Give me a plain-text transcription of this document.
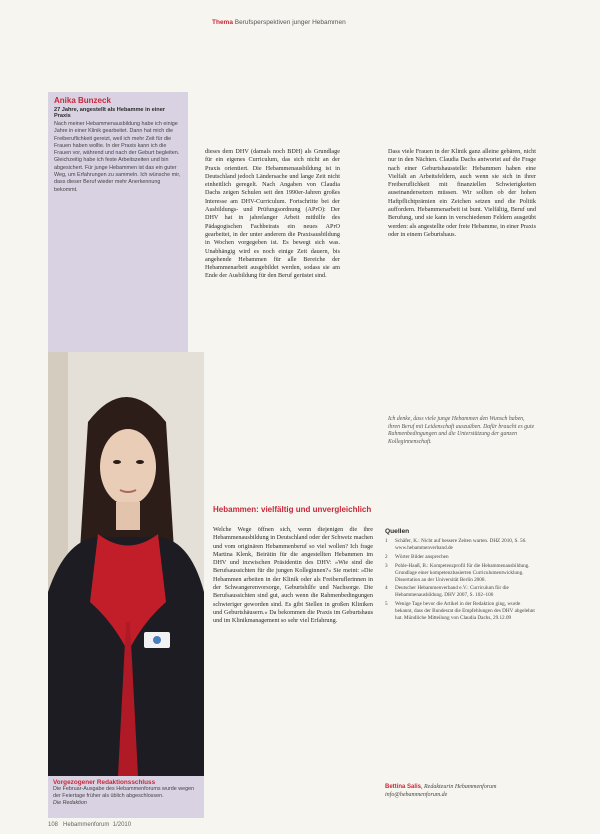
Thema Berufsperspektiven junger Hebammen
Anika Bunzeck
27 Jahre, angestellt als Hebamme in einer Praxis
Nach meiner Hebammenausbildung habe ich einige Jahre in einer Klinik gearbeitet. Dann hat mich die Freiberuflichkeit gereizt, weil ich mehr Zeit für die Frauen haben wollte. In der Praxis kann ich die Frauen vor, während und nach der Geburt begleiten. Gleichzeitig habe ich feste Arbeitszeiten und bin abgesichert. Für junge Hebammen ist das ein guter Weg, um Erfahrungen zu sammeln. Ich wünsche mir, dass dieser Beruf wieder mehr Anerkennung bekommt.
dieses dem DHV (damals noch BDH) als Grundlage für ein eigenes Curriculum, das sich nicht an der Praxis orientiert. Die Hebammenausbildung ist in Deutschland jedoch Ländersache und lange Zeit nicht einheitlich geregelt. Nach Angaben von Claudia Dachs zeigen Schulen seit den 1990er-Jahren großes Interesse am DHV-Curriculum. Fortschritte bei der Ausbildungs- und Prüfungsordnung (APrO): Der DHV hat in jahrelanger Arbeit mithilfe des Pädagogischen Fachbeirats ein neues APrO gearbeitet, in der unter anderem die Praxisausbildung in Wochen vorgegeben ist. Es bewegt sich was. Unabhängig wird es noch einige Zeit dauern, bis angehende Hebammen für alle Bereiche der Hebammenarbeit ausgebildet werden, sodass sie am Ende der Ausbildung für den Beruf gerüstet sind.
Dass viele Frauen in der Klinik ganz alleine gebären, nicht nur in den Nächten. Claudia Dachs antwortet auf die Frage nach einer Geburtshausstelle: Hebammen haben eine Vielfalt an Arbeitsfeldern, auch wenn sie sich in ihrer Freiberuflichkeit mit finanziellen Schwierigkeiten auseinandersetzen müssen. Wir sollten ob der hohen Haftpflichtprämien ein Zeichen setzen und die Politik auffordern. Hebammenarbeit ist bunt. Vielfältig, Beruf und Berufung, und sie kann in verschiedenen Feldern ausgeübt werden: als angestellte oder freie Hebamme, in einer Praxis oder in einem Geburtshaus.
Ich denke, dass viele junge Hebammen den Wunsch haben, ihren Beruf mit Leidenschaft auszuüben. Dafür braucht es gute Rahmenbedingungen und die Unterstützung der ganzen Kolleginnenschaft.
Hebammen: vielfältig und unvergleichlich
Welche Wege öffnen sich, wenn diejenigen die ihre Hebammenausbildung in Deutschland oder der Schweiz machen und vom originären Hebammenberuf so viel wollen? Ich frage Martina Klenk, Beirätin für die angestellten Hebammen im DHV und inzwischen Präsidentin des DHV: »Wie sind die Berufsaussichten für die jungen Kolleginnen?« Sie meint: »Die Hebammen arbeiten in der Klinik oder als Freiberuflerinnen in der Schwangerenvorsorge, Geburtshilfe und Nachsorge. Die Berufsaussichten sind gut, auch wenn die Rahmenbedingungen schwieriger geworden sind. Es gibt Stellen in großen Kliniken und Geburtshäusern.« Da bekommen die Praxis im Geburtshaus und im Klinikmanagement so sehr viel Erfahrung.
Quellen
1	Schäfer, K.: Nicht auf bessere Zeiten warten. DHZ 2010, S. 56. www.hebammenverband.de
2	Wörter Bilder ansprechen
3	Pohle-Hauß, B.: Kompetenzprofil für die Hebammenausbildung. Grundlage einer kompetenzbasierten Curriculumentwicklung. Dissertation an der Universität Berlin 2008.
4	Deutscher Hebammenverband e.V.: Curriculum für die Hebammenausbildung. DHV 2007, S. 102–106
5	Wenige Tage bevor die Artikel in der Redaktion ging, wurde bekannt, dass der Bundesrat die Empfehlungen des DHV abgelehnt hat. Mündliche Mitteilung von Claudia Dachs, 29.12.09
Bettina Salis, Redakteurin Hebammenforum
info@hebammenforum.de
Vorgezogener Redaktionsschluss
Die Februar-Ausgabe des Hebammenforums wurde wegen der Feiertage früher als üblich abgeschlossen.
Die Redaktion
108 Hebammenforum 1/2010
